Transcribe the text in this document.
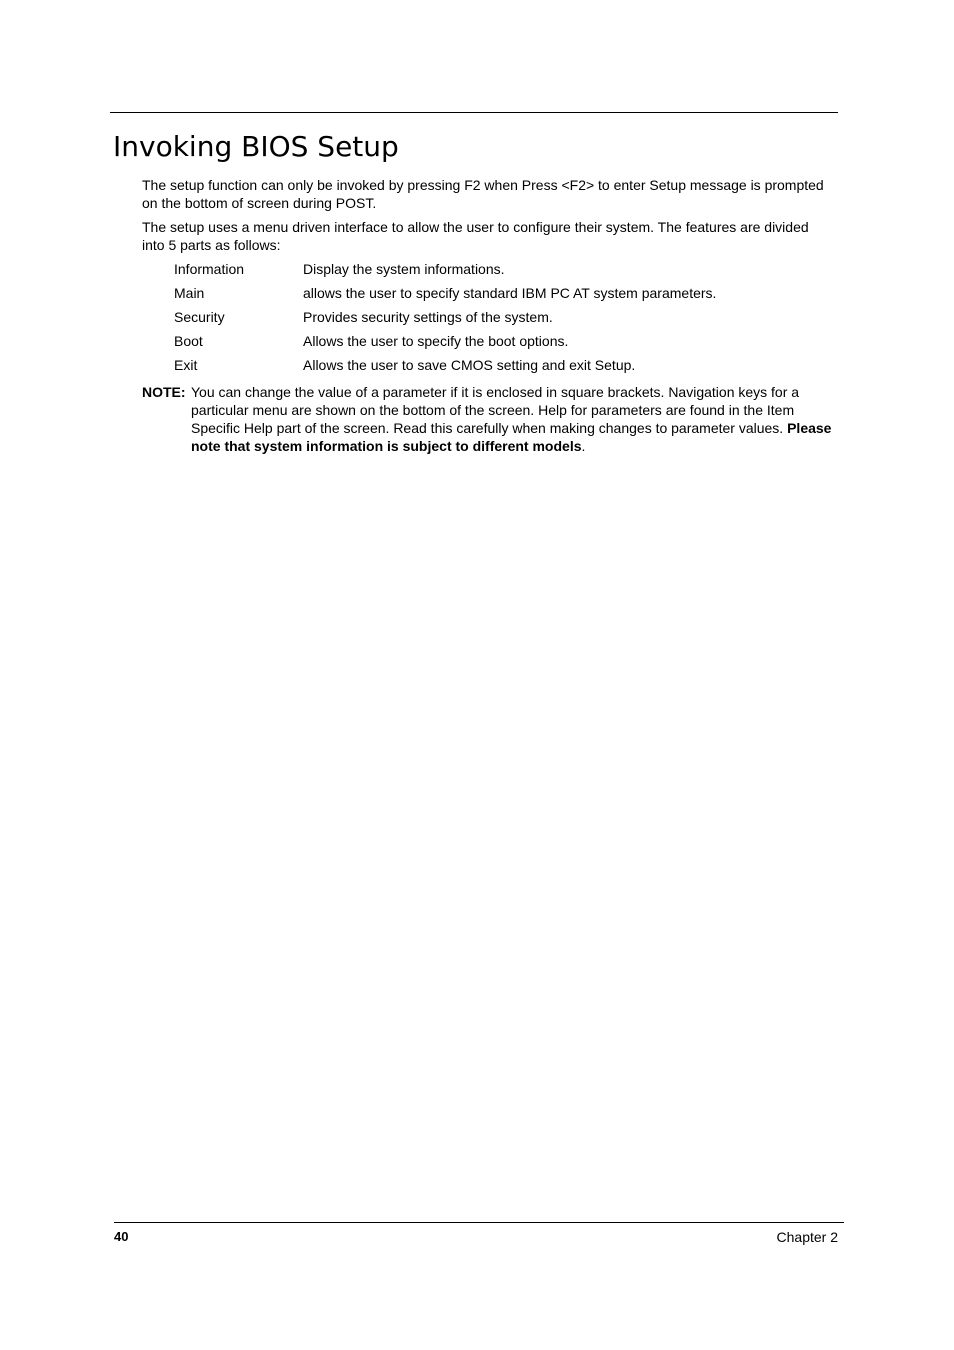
Invoking BIOS Setup

The setup function can only be invoked by pressing F2 when Press <F2> to enter Setup message is prompted on the bottom of screen during POST.

The setup uses a menu driven interface to allow the user to configure their system. The features are divided into 5 parts as follows:

Information	Display the system informations.
Main	allows the user to specify standard IBM PC AT system parameters.
Security	Provides security settings of the system.
Boot	Allows the user to specify the boot options.
Exit	Allows the user to save CMOS setting and exit Setup.
NOTE: You can change the value of a parameter if it is enclosed in square brackets. Navigation keys for a particular menu are shown on the bottom of the screen. Help for parameters are found in the Item Specific Help part of the screen. Read this carefully when making changes to parameter values. Please note that system information is subject to different models.
40	Chapter 2
